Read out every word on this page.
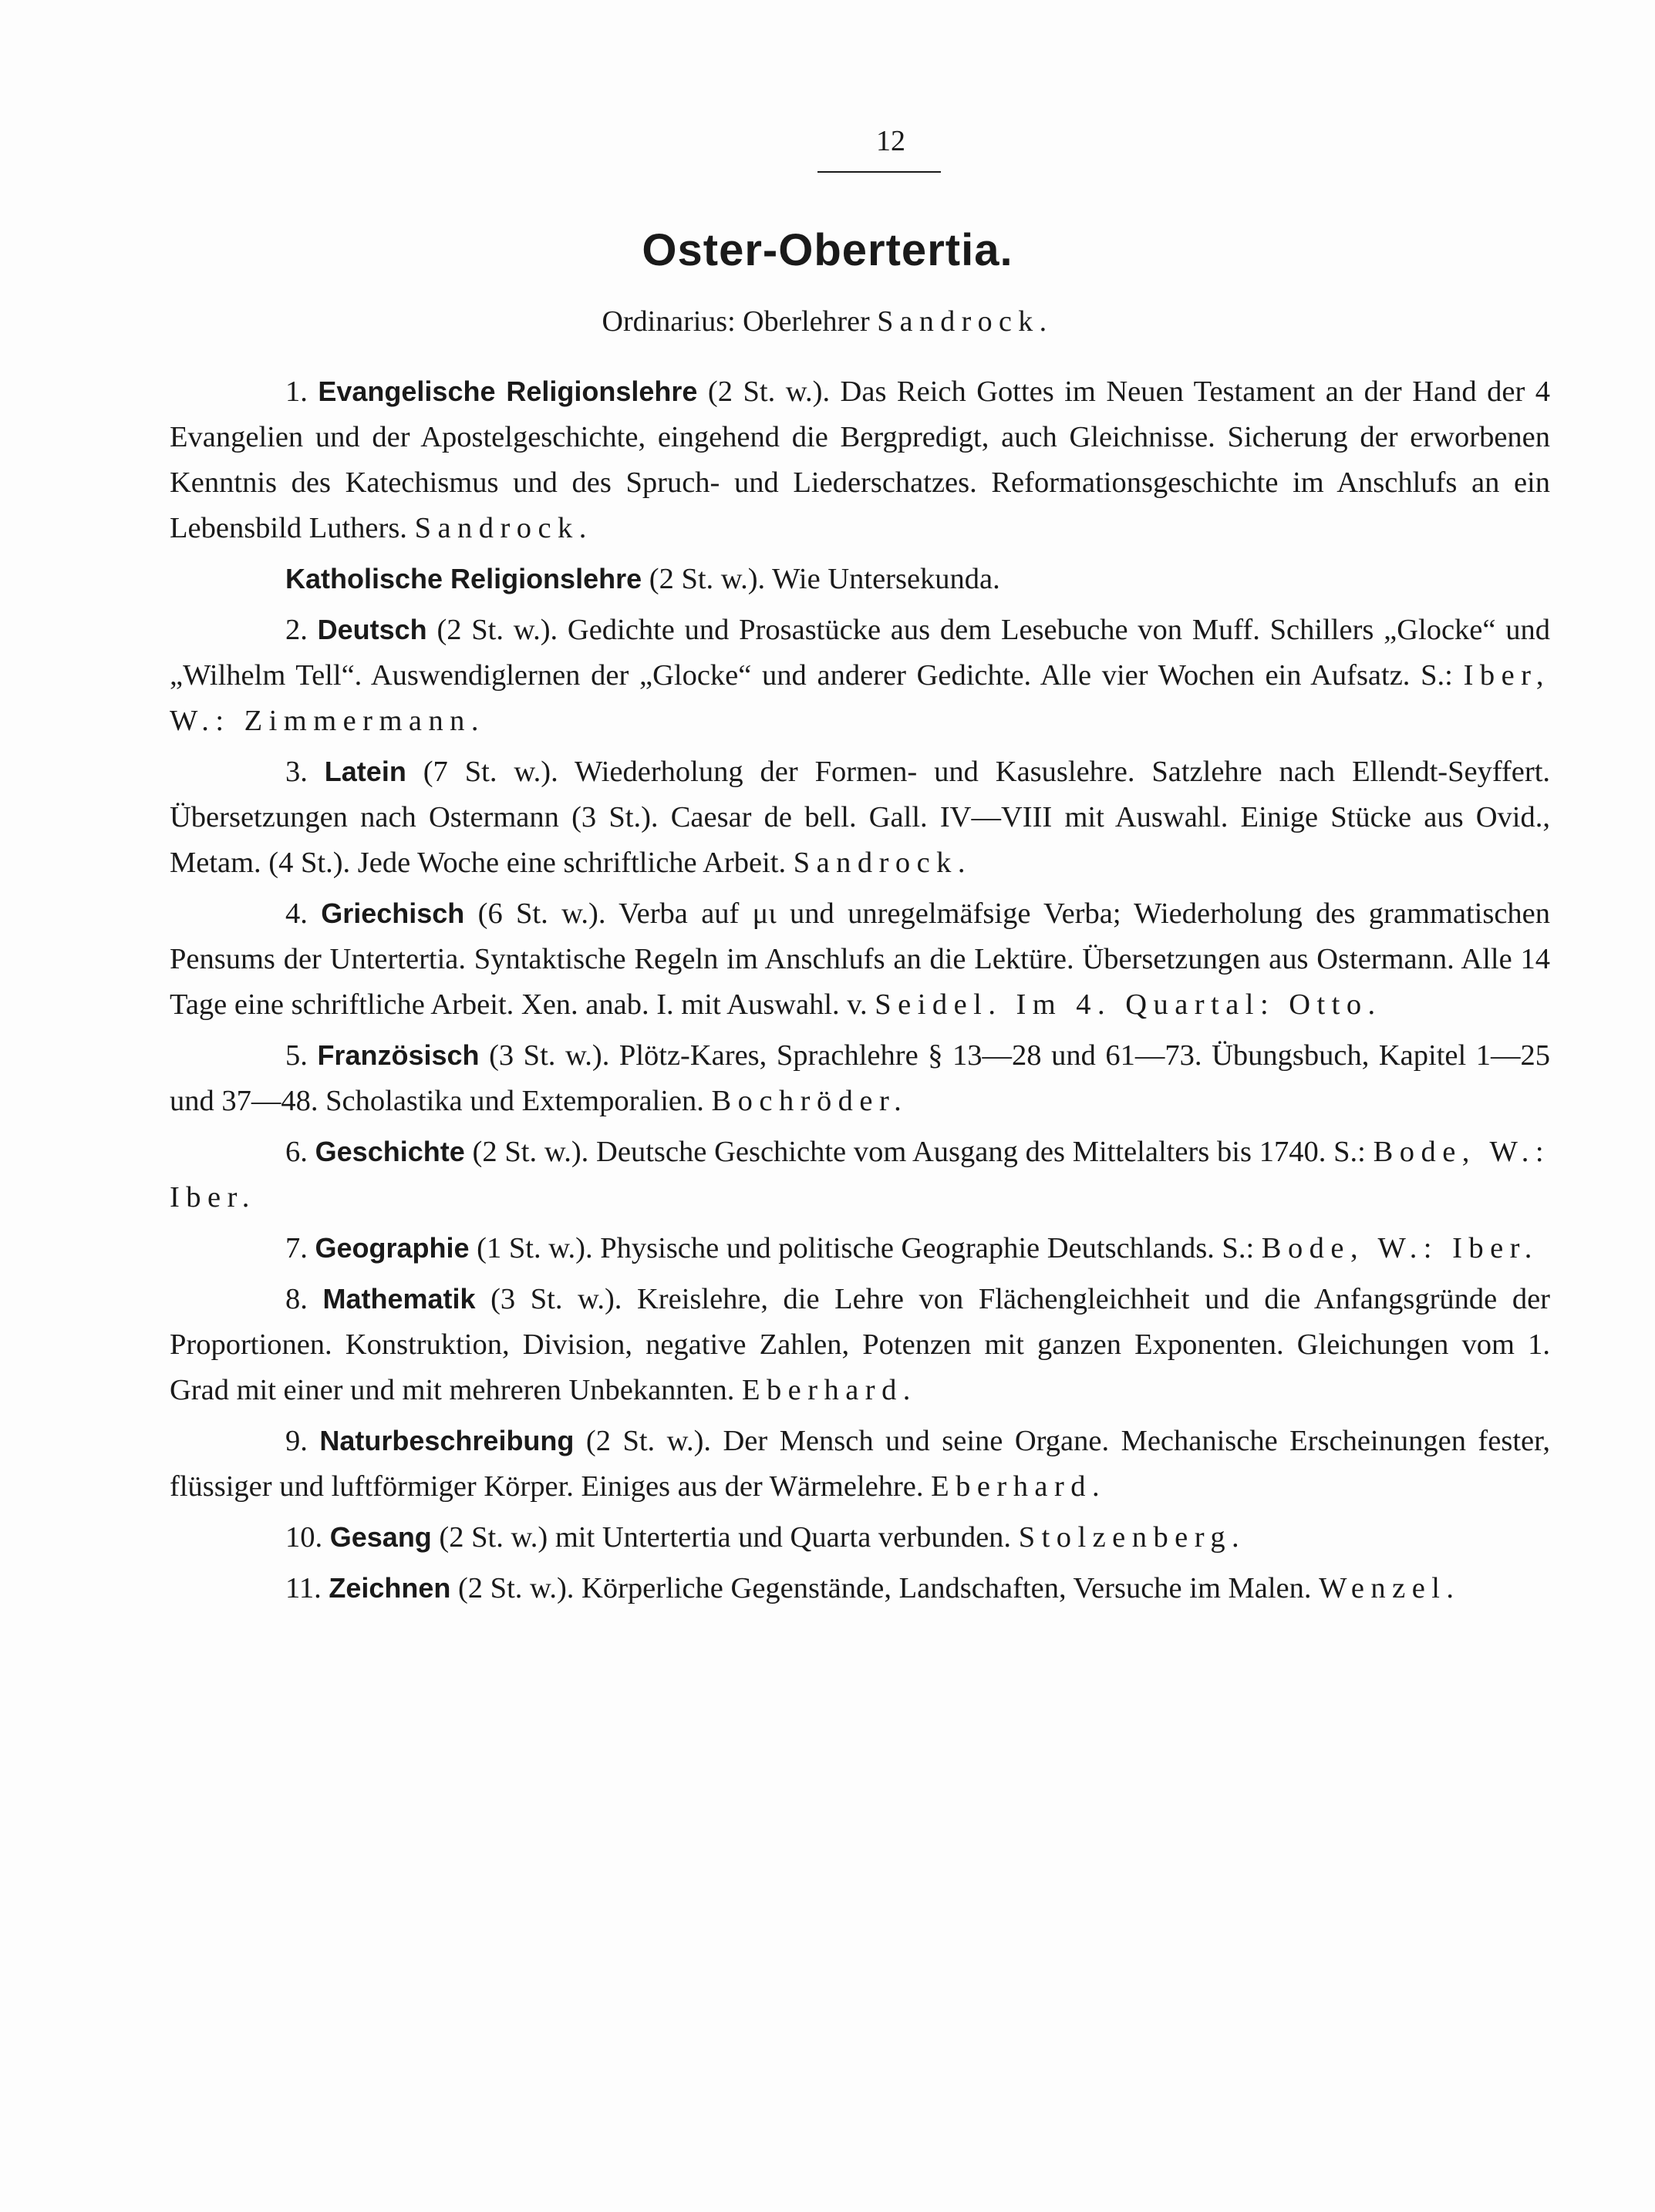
12
Oster-Obertertia.
Ordinarius: Oberlehrer Sandrock.

1. Evangelische Religionslehre (2 St. w.). Das Reich Gottes im Neuen Testament an der Hand der 4 Evangelien und der Apostelgeschichte, eingehend die Bergpredigt, auch Gleichnisse. Sicherung der erworbenen Kenntnis des Katechismus und des Spruch- und Liederschatzes. Reformationsgeschichte im Anschlufs an ein Lebensbild Luthers. Sandrock.

Katholische Religionslehre (2 St. w.). Wie Untersekunda.

2. Deutsch (2 St. w.). Gedichte und Prosastücke aus dem Lesebuche von Muff. Schillers „Glocke“ und „Wilhelm Tell“. Auswendiglernen der „Glocke“ und anderer Gedichte. Alle vier Wochen ein Aufsatz. S.: Iber, W.: Zimmermann.

3. Latein (7 St. w.). Wiederholung der Formen- und Kasuslehre. Satzlehre nach Ellendt-Seyffert. Übersetzungen nach Ostermann (3 St.). Caesar de bell. Gall. IV—VIII mit Auswahl. Einige Stücke aus Ovid., Metam. (4 St.). Jede Woche eine schriftliche Arbeit. Sandrock.

4. Griechisch (6 St. w.). Verba auf μι und unregelmäfsige Verba; Wiederholung des grammatischen Pensums der Untertertia. Syntaktische Regeln im Anschlufs an die Lektüre. Übersetzungen aus Ostermann. Alle 14 Tage eine schriftliche Arbeit. Xen. anab. I. mit Auswahl. v. Seidel. Im 4. Quartal: Otto.

5. Französisch (3 St. w.). Plötz-Kares, Sprachlehre § 13—28 und 61—73. Übungsbuch, Kapitel 1—25 und 37—48. Scholastika und Extemporalien. Bochröder.

6. Geschichte (2 St. w.). Deutsche Geschichte vom Ausgang des Mittelalters bis 1740. S.: Bode, W.: Iber.

7. Geographie (1 St. w.). Physische und politische Geographie Deutschlands. S.: Bode, W.: Iber.

8. Mathematik (3 St. w.). Kreislehre, die Lehre von Flächengleichheit und die Anfangsgründe der Proportionen. Konstruktion, Division, negative Zahlen, Potenzen mit ganzen Exponenten. Gleichungen vom 1. Grad mit einer und mit mehreren Unbekannten. Eberhard.

9. Naturbeschreibung (2 St. w.). Der Mensch und seine Organe. Mechanische Erscheinungen fester, flüssiger und luftförmiger Körper. Einiges aus der Wärmelehre. Eberhard.

10. Gesang (2 St. w.) mit Untertertia und Quarta verbunden. Stolzenberg.

11. Zeichnen (2 St. w.). Körperliche Gegenstände, Landschaften, Versuche im Malen. Wenzel.
